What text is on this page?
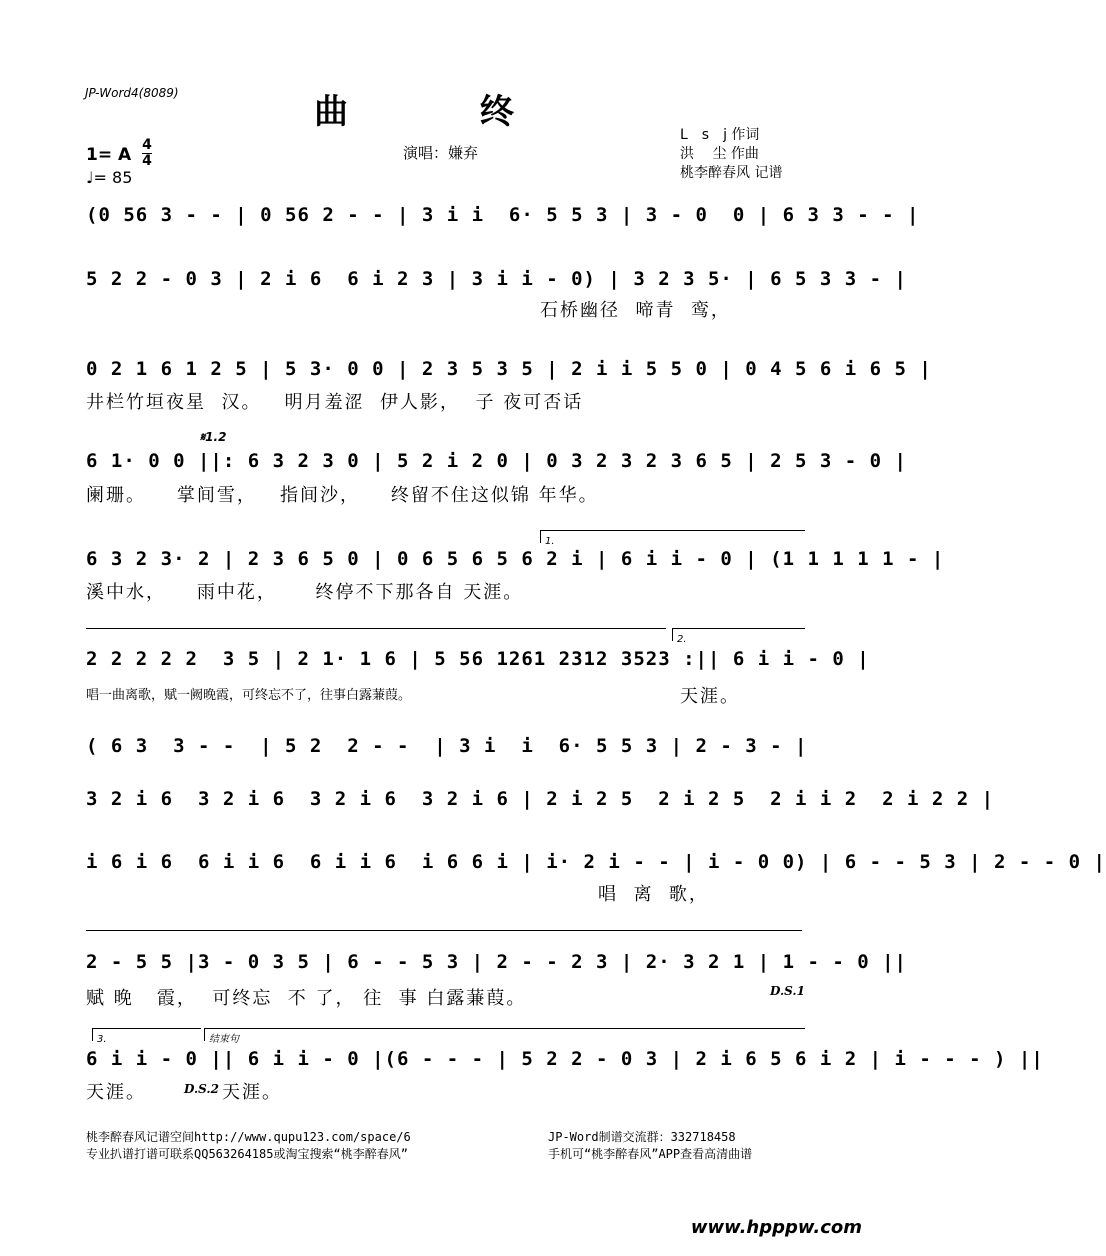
JP-Word4(8089)	曲 终
1= A 4
4
♩= 85
演唱：嫌弃
L　s　j 作词
洪　 尘 作曲
桃李醉春风 记谱
(0 56 3 - - | 0 56 2 - - | 3 i i  6· 5 5 3 | 3 - 0  0 | 6 3 3 - - |
5 2 2 - 0 3 | 2 i 6  6 i 2 3 | 3 i i - 0) | 3 2 3 5· | 6 5 3 3 - |
石桥幽径  啼青  鸾，
0 2 1 6 1 2 5 | 5 3· 0 0 | 2 3 5 3 5 | 2 i i 5 5 0 | 0 4 5 6 i 6 5 |
井栏竹垣夜星  汉。   明月羞涩  伊人影，  子 夜可否话
𝄋1.2
6 1· 0 0 ||: 6 3 2 3 0 | 5 2 i 2 0 | 0 3 2 3 2 3 6 5 | 2 5 3 - 0 |
阑珊。    掌间雪，   指间沙，    终留不住这似锦 年华。
1.
6 3 2 3· 2 | 2 3 6 5 0 | 0 6 5 6 5 6 2 i | 6 i i - 0 | (1 1 1 1 1 - |
溪中水，    雨中花，     终停不下那各自 天涯。
2.
2 2 2 2 2  3 5 | 2 1· 1 6 | 5 56 1261 2312 3523 :|| 6 i i - 0 |
唱一曲离歌，赋一阙晚霞，可终忘不了，往事白露蒹葭。	天涯。
( 6 3  3 - -  | 5 2  2 - -  | 3 i  i  6· 5 5 3 | 2 - 3 - |
3 2 i 6  3 2 i 6  3 2 i 6  3 2 i 6 | 2 i 2 5  2 i 2 5  2 i i 2  2 i 2 2 |
i 6 i 6  6 i i 6  6 i i 6  i 6 6 i | i· 2 i - - | i - 0 0) | 6 - - 5 3 | 2 - - 0 |
唱  离  歌，
2 - 5 5 |3 - 0 3 5 | 6 - - 5 3 | 2 - - 2 3 | 2· 3 2 1 | 1 - - 0 ||
赋 晚   霞，  可终忘  不 了， 往  事 白露蒹葭。	D.S.1
3.	结束句
6 i i - 0 || 6 i i - 0 |(6 - - - | 5 2 2 - 0 3 | 2 i 6 5 6 i 2 | i - - - ) ||
天涯。	D.S.2 天涯。
桃李醉春风记谱空间http://www.qupu123.com/space/6
专业扒谱打谱可联系QQ563264185或淘宝搜索“桃李醉春风”
JP-Word制谱交流群：332718458
手机可“桃李醉春风”APP查看高清曲谱
www.hpppw.com
